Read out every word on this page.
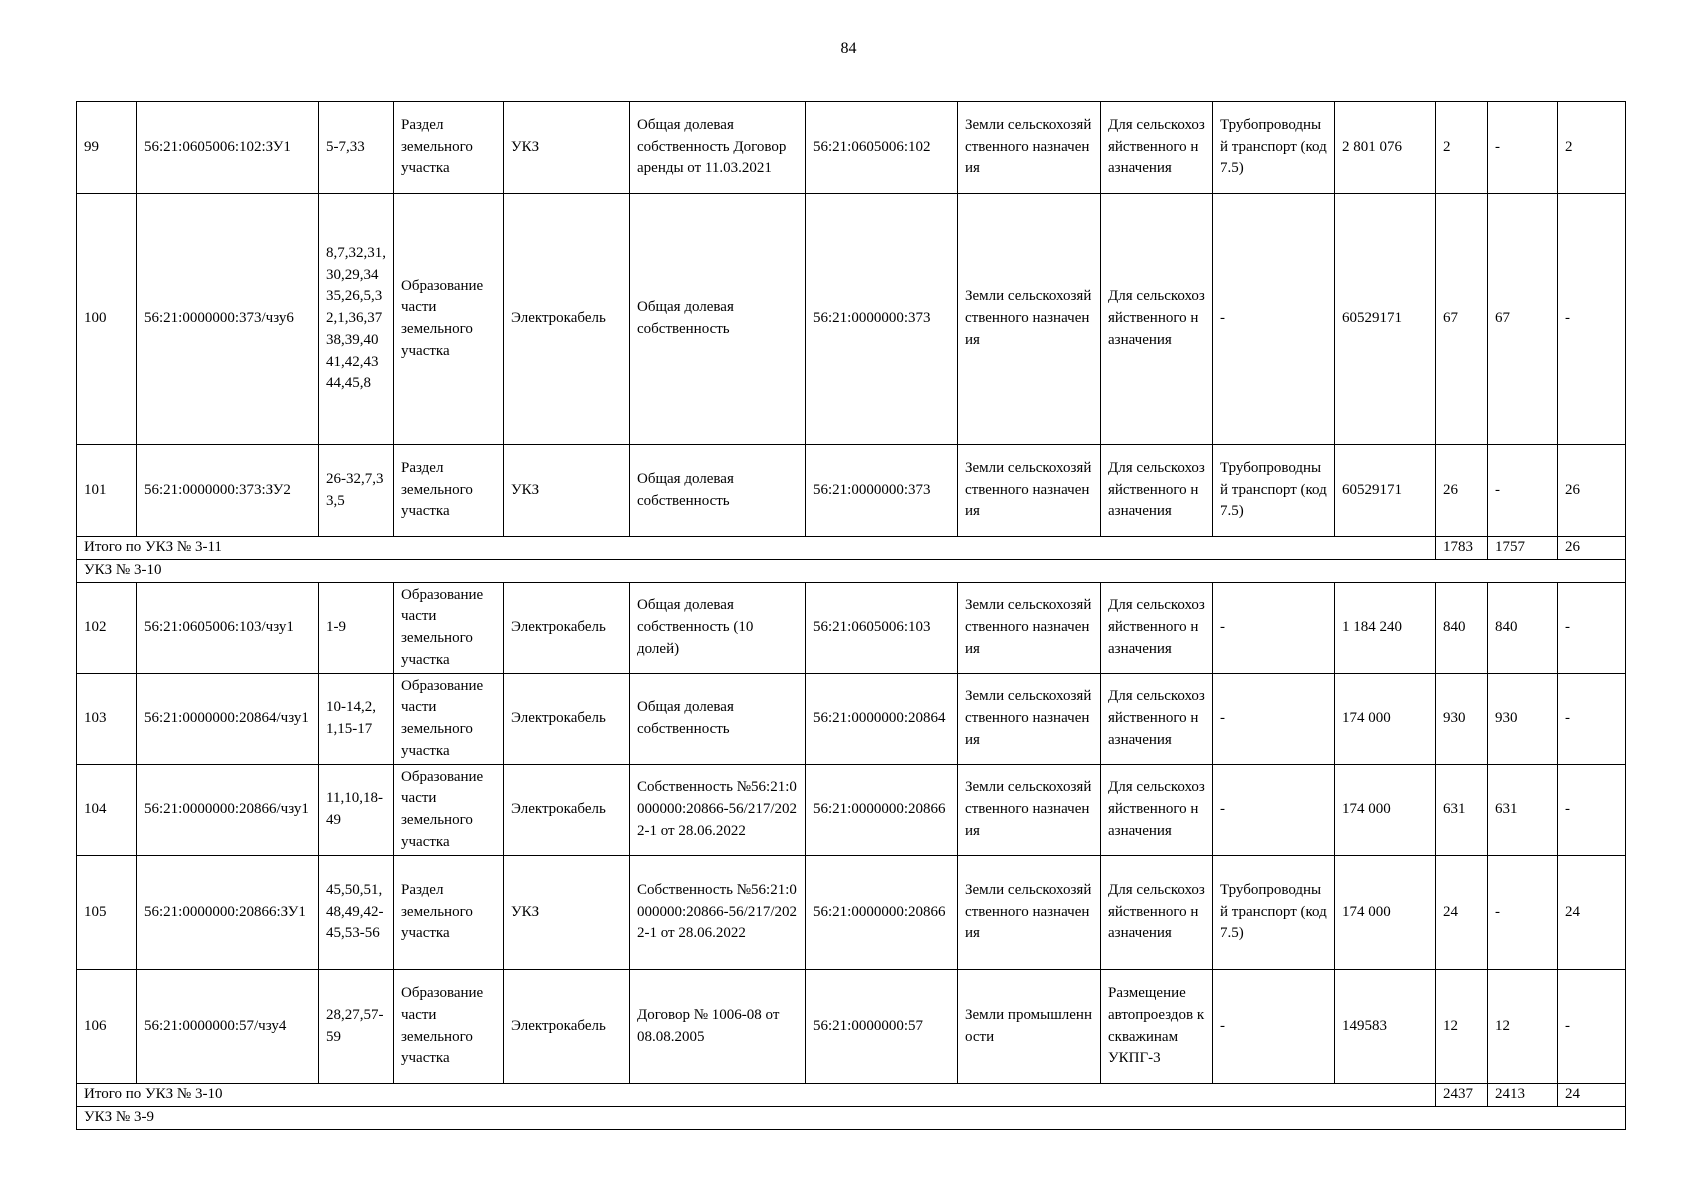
84
99	56:21:0605006:102:ЗУ1	5-7,33	Раздел земельного участка	УКЗ	Общая долевая собственность Договор аренды от 11.03.2021	56:21:0605006:102	Земли сельскохозяйственного назначения	Для сельскохозяйственного назначения	Трубопроводный транспорт (код 7.5)	2 801 076	2	-	2
100	56:21:0000000:373/чзу6	8,7,32,31,30,29,34 35,26,5,32,1,36,3738,39,40 41,42,43 44,45,8	Образование части земельного участка	Электрокабель	Общая долевая собственность	56:21:0000000:373	Земли сельскохозяйственного назначения	Для сельскохозяйственного назначения	-	60529171	67	67	-
101	56:21:0000000:373:ЗУ2	26-32,7,33,5	Раздел земельного участка	УКЗ	Общая долевая собственность	56:21:0000000:373	Земли сельскохозяйственного назначения	Для сельскохозяйственного назначения	Трубопроводный транспорт (код 7.5)	60529171	26	-	26
Итого по УКЗ № 3-11											1783	1757	26
УКЗ № 3-10													
102	56:21:0605006:103/чзу1	1-9	Образование части земельного участка	Электрокабель	Общая долевая собственность (10 долей)	56:21:0605006:103	Земли сельскохозяйственного назначения	Для сельскохозяйственного назначения	-	1 184 240	840	840	-
103	56:21:0000000:20864/чзу1	10-14,2,1,15-17	Образование части земельного участка	Электрокабель	Общая долевая собственность	56:21:0000000:20864	Земли сельскохозяйственного назначения	Для сельскохозяйственного назначения	-	174 000	930	930	-
104	56:21:0000000:20866/чзу1	11,10,18-49	Образование части земельного участка	Электрокабель	Собственность №56:21:0000000:20866-56/217/2022-1 от 28.06.2022	56:21:0000000:20866	Земли сельскохозяйственного назначения	Для сельскохозяйственного назначения	-	174 000	631	631	-
105	56:21:0000000:20866:ЗУ1	45,50,51,48,49,42-45,53-56	Раздел земельного участка	УКЗ	Собственность №56:21:0000000:20866-56/217/2022-1 от 28.06.2022	56:21:0000000:20866	Земли сельскохозяйственного назначения	Для сельскохозяйственного назначения	Трубопроводный транспорт (код 7.5)	174 000	24	-	24
106	56:21:0000000:57/чзу4	28,27,57-59	Образование части земельного участка	Электрокабель	Договор № 1006-08 от 08.08.2005	56:21:0000000:57	Земли промышленности	Размещение автопроездов к скважинам УКПГ-3	-	149583	12	12	-
Итого по УКЗ № 3-10											2437	2413	24
УКЗ № 3-9													
